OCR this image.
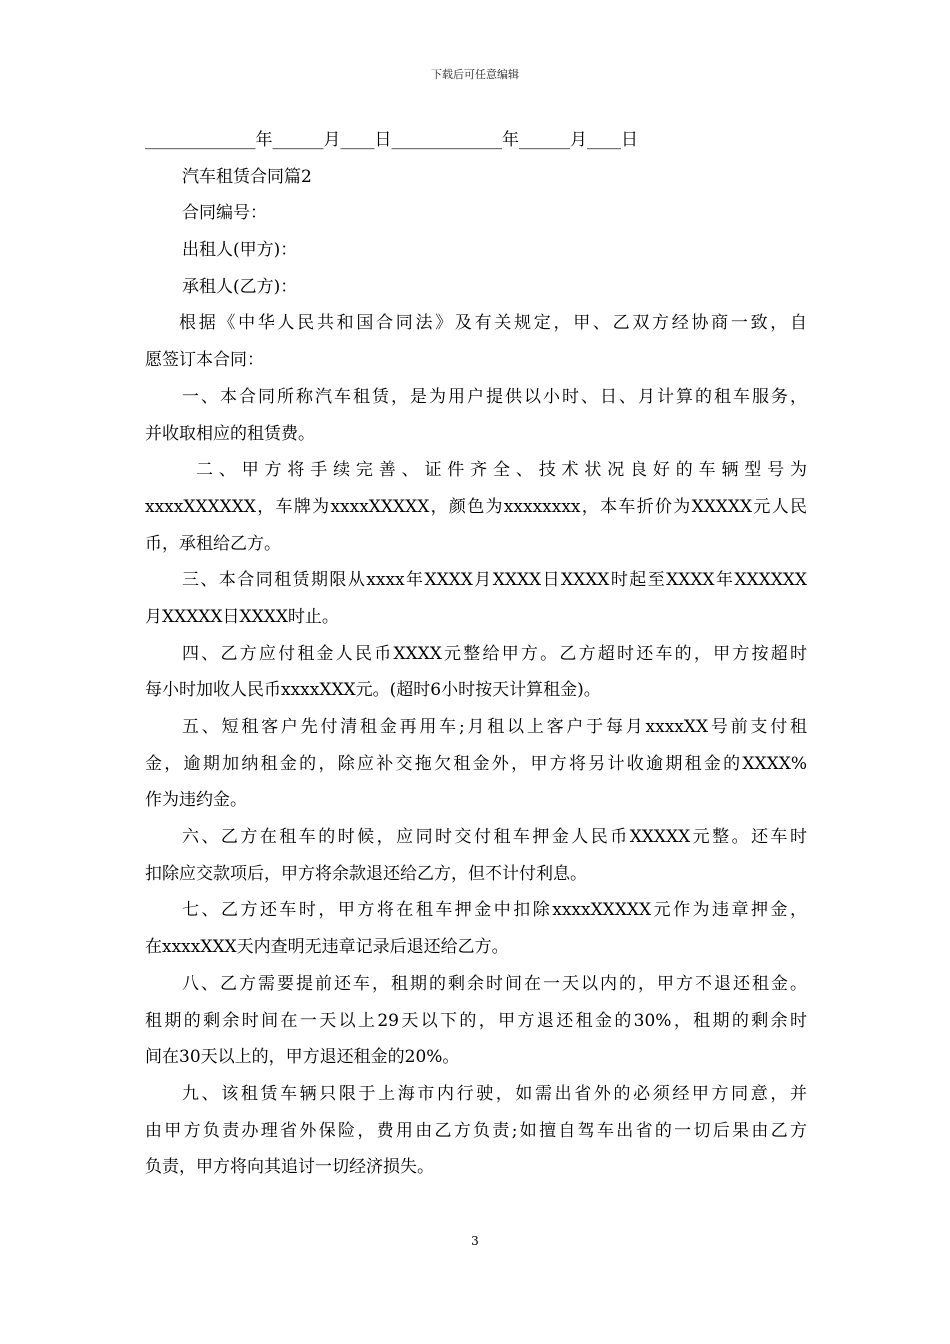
下载后可任意编辑
_____________年______月____日_____________年______月____日
汽车租赁合同篇2
合同编号：
出租人(甲方)：
承租人(乙方)：
根据《中华人民共和国合同法》及有关规定，甲、乙双方经协商一致，自
愿签订本合同：
一、本合同所称汽车租赁，是为用户提供以小时、日、月计算的租车服务，
并收取相应的租赁费。
二、甲方将手续完善、证件齐全、技术状况良好的车辆型号为
xxxxXXXXXX，车牌为xxxxXXXXX，颜色为xxxxxxxx，本车折价为XXXXX元人民
币，承租给乙方。
三、本合同租赁期限从xxxx年XXXX月XXXX日XXXX时起至XXXX年XXXXXX
月XXXXX日XXXX时止。
四、乙方应付租金人民币XXXX元整给甲方。乙方超时还车的，甲方按超时
每小时加收人民币xxxxXXX元。(超时6小时按天计算租金)。
五、短租客户先付清租金再用车;月租以上客户于每月xxxxXX号前支付租
金，逾期加纳租金的，除应补交拖欠租金外，甲方将另计收逾期租金的XXXX%
作为违约金。
六、乙方在租车的时候，应同时交付租车押金人民币XXXXX元整。还车时
扣除应交款项后，甲方将余款退还给乙方，但不计付利息。
七、乙方还车时，甲方将在租车押金中扣除xxxxXXXXX元作为违章押金，
在xxxxXXX天内查明无违章记录后退还给乙方。
八、乙方需要提前还车，租期的剩余时间在一天以内的，甲方不退还租金。
租期的剩余时间在一天以上29天以下的，甲方退还租金的30%，租期的剩余时
间在30天以上的，甲方退还租金的20%。
九、该租赁车辆只限于上海市内行驶，如需出省外的必须经甲方同意，并
由甲方负责办理省外保险，费用由乙方负责;如擅自驾车出省的一切后果由乙方
负责，甲方将向其追讨一切经济损失。
3
